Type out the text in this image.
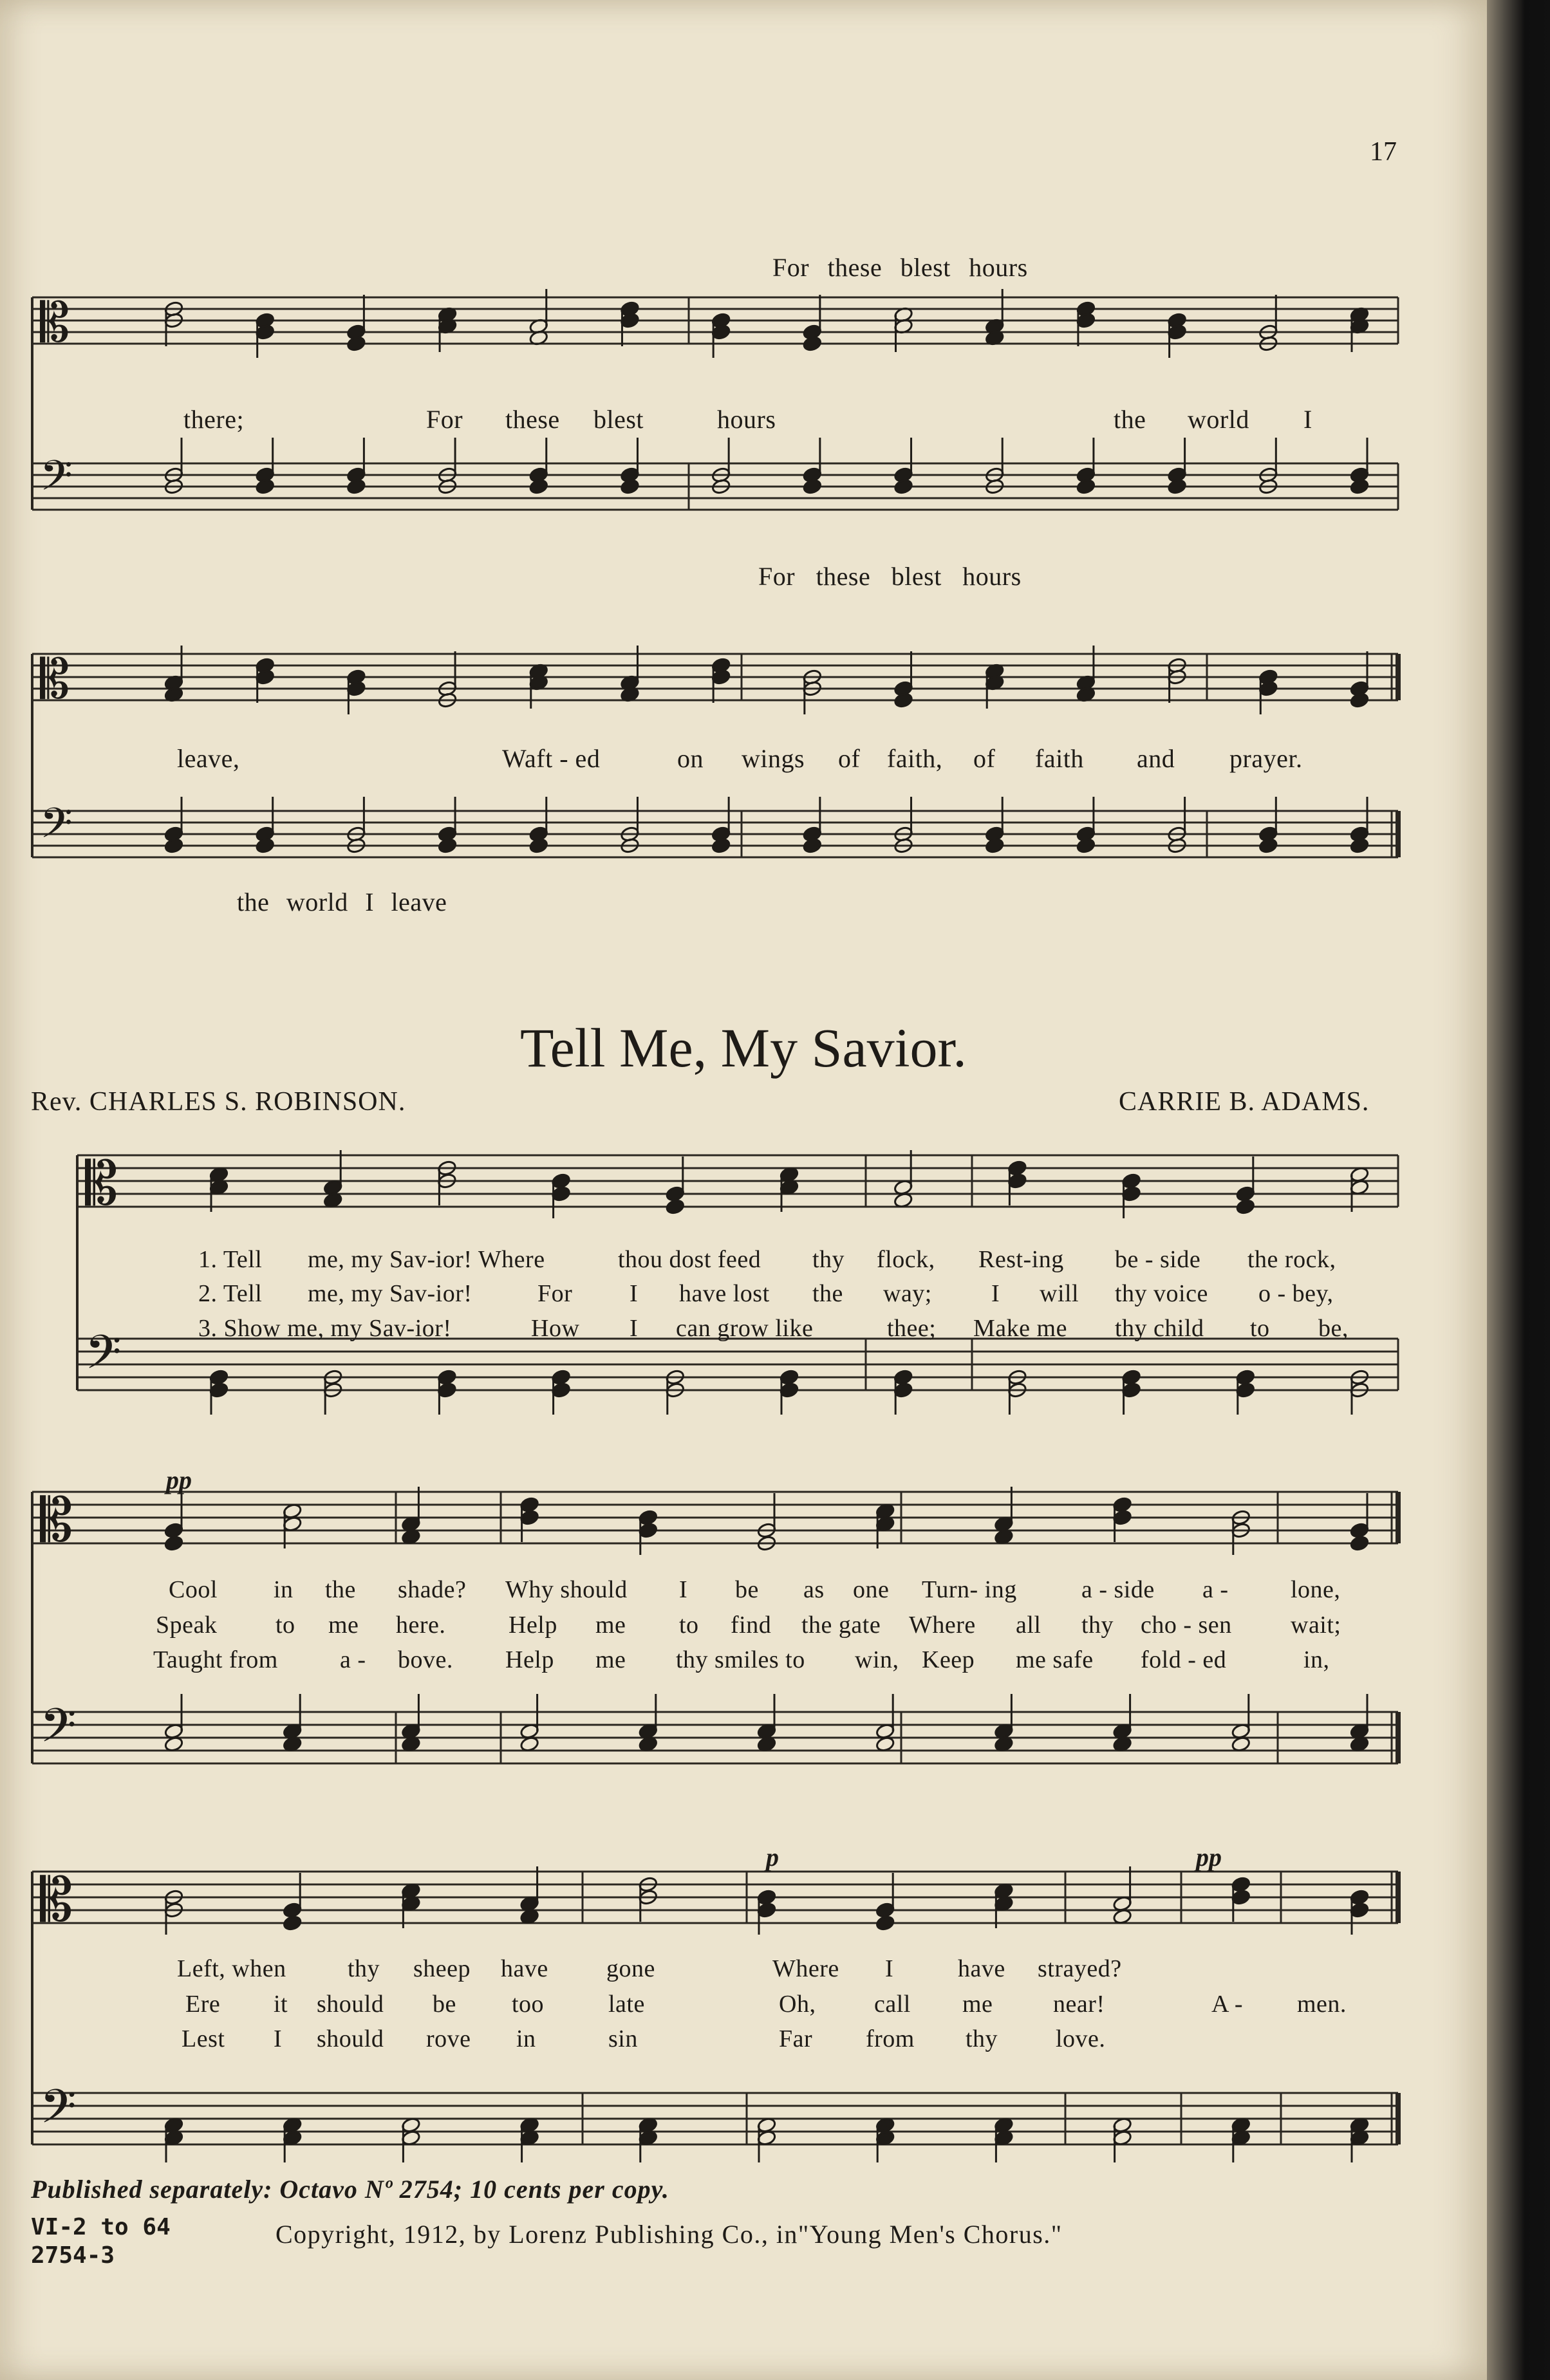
𝄡
𝄢
𝄡
𝄢
𝄡
𝄢
𝄡
𝄢
𝄡
𝄢
17
For these blest hours
there;	For these blest	hours	the world I
For these blest hours
leave,	Waft - ed	on wings of faith, of faith and prayer.
the world I leave
Tell Me, My Savior.
Rev. CHARLES S. ROBINSON.	CARRIE B. ADAMS.
1. Tell me, my Sav-ior! Where	thou dost feed thy flock, Rest-ing be - side the rock,
2. Tell me, my Sav-ior!	For I have lost the way; I will thy voice o - bey,
3. Show me, my Sav-ior!	How I can grow like	thee; Make me thy child to be,
pp
Cool in the shade? Why should I be as one Turn- ing	a - side a -	lone,
Speak to me here.	Help me to find the gate Where all thy cho - sen wait;
Taught from	a - bove. Help me thy smiles to win, Keep me safe fold - ed	in,
p	pp
Left, when	thy sheep have gone	Where I	have strayed?
Ere it should be too	late	Oh, call me near!	A - men.
Lest I should rove in	sin	Far from thy love.
Published separately: Octavo Nº 2754; 10 cents per copy.
Copyright, 1912, by Lorenz Publishing Co., in"Young Men's Chorus."
VI-2 to 64
2754-3
